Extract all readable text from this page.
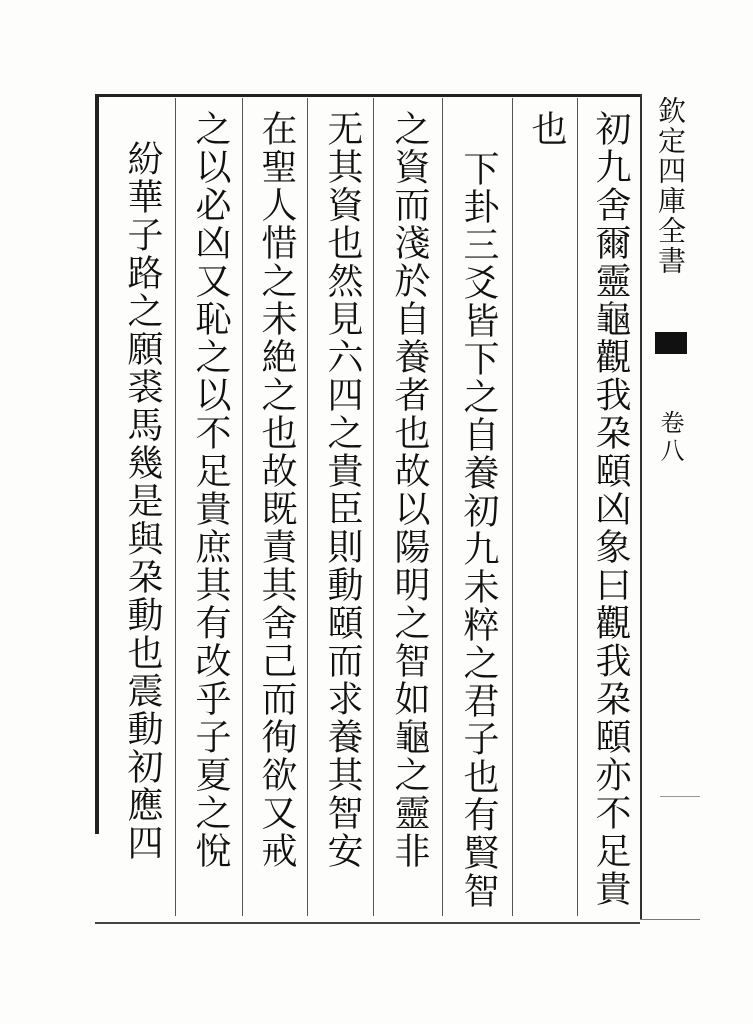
初九舍爾靈龜觀我朶頤凶象曰觀我朶頤亦不足貴
也
下卦三爻皆下之自養初九未粹之君子也有賢智
之資而淺於自養者也故以陽明之智如龜之靈非
无其資也然見六四之貴臣則動頤而求養其智安
在聖人惜之未絶之也故既責其舍己而徇欲又戒
之以必凶又恥之以不足貴庶其有改乎子夏之悅
紛華子路之願裘馬幾是與朶動也震動初應四	欽定四庫全書
卷八
